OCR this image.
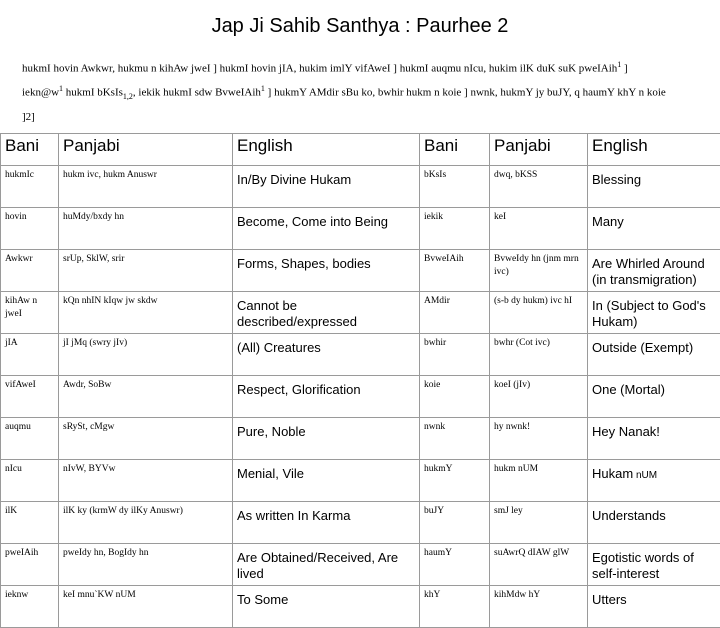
Jap Ji Sahib Santhya : Paurhee 2
hukmI hovin Awkwr, hukmu n kihAw jweI ] hukmI hovin jIA, hukim imlY vifAweI ] hukmI auqmu nIcu, hukim ilK duK suK pweIAih$^1$ ]
$iekn@w^1$ hukmI bKsIs$_{1,2}$, iekik hukmI sdw BvweIAih$^1$ ] hukmY AMdir sBu ko, bwhir hukm n koie ] nwnk, hukmY jy buJY, q haumY khY n koie
]2]
Bani	Panjabi	English	Bani	Panjabi	English
hukmIc	hukm ivc, hukm Anuswr	In/By Divine Hukam	bKsIs	dwq, bKSS	Blessing
hovin	huMdy/bxdy hn	Become, Come into Being	iekik	keI	Many
Awkwr	srUp, SklW, srir	Forms, Shapes, bodies	BvweIAih	BvweIdy hn (jnm mrn ivc)	Are Whirled Around (in transmigration)
kihAw n jweI	kQn nhIN kIqw jw skdw	Cannot be described/expressed	AMdir	(s-b dy hukm) ivc hI	In (Subject to God's Hukam)
jIA	jI jMq (swry jIv)	(All) Creatures	bwhir	bwhr (Cot ivc)	Outside (Exempt)
vifAweI	Awdr, SoBw	Respect, Glorification	koie	koeI (jIv)	One (Mortal)
auqmu	sRySt, cMgw	Pure, Noble	nwnk	hy nwnk!	Hey Nanak!
nIcu	nIvW, BYVw	Menial, Vile	hukmY	hukm nUM	Hukam nUM
ilK	ilK ky (krmW dy ilKy Anuswr)	As written In Karma	buJY	smJ ley	Understands
pweIAih	pweIdy hn, BogIdy hn	Are Obtained/Received, Are lived	haumY	suAwrQ dIAW glW	Egotistic words of self-interest
ieknw	keI mnu`KW nUM	To Some	khY	kihMdw hY	Utters
